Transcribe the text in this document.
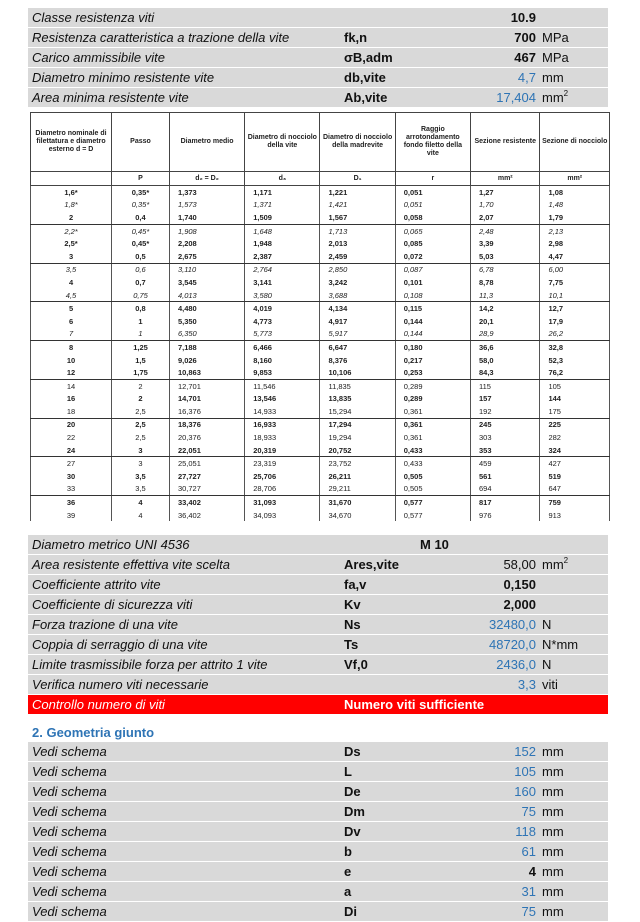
Classe resistenza viti	10.9
Resistenza caratteristica a trazione della vite	fk,n	700 MPa
Carico ammissibile vite	σB,adm	467 MPa
Diametro minimo resistente vite	db,vite	4,7 mm
Area minima resistente vite	Ab,vite	17,404 $mm^2$
Diametro nominale di filettatura e diametro esterno d = D	Passo	Diametro medio	Diametro di nocciolo della vite	Diametro di nocciolo della madrevite	Raggio arrotondamento fondo filetto della vite	Sezione resistente	Sezione di nocciolo
	P	d₂ = D₂	d₃	D₁	r	mm²	mm²
1,6*	0,35*	1,373	1,171	1,221	0,051	1,27	1,08
1,8*	0,35*	1,573	1,371	1,421	0,051	1,70	1,48
2	0,4	1,740	1,509	1,567	0,058	2,07	1,79
2,2*	0,45*	1,908	1,648	1,713	0,065	2,48	2,13
2,5*	0,45*	2,208	1,948	2,013	0,085	3,39	2,98
3	0,5	2,675	2,387	2,459	0,072	5,03	4,47
3,5	0,6	3,110	2,764	2,850	0,087	6,78	6,00
4	0,7	3,545	3,141	3,242	0,101	8,78	7,75
4,5	0,75	4,013	3,580	3,688	0,108	11,3	10,1
5	0,8	4,480	4,019	4,134	0,115	14,2	12,7
6	1	5,350	4,773	4,917	0,144	20,1	17,9
7	1	6,350	5,773	5,917	0,144	28,9	26,2
8	1,25	7,188	6,466	6,647	0,180	36,6	32,8
10	1,5	9,026	8,160	8,376	0,217	58,0	52,3
12	1,75	10,863	9,853	10,106	0,253	84,3	76,2
14	2	12,701	11,546	11,835	0,289	115	105
16	2	14,701	13,546	13,835	0,289	157	144
18	2,5	16,376	14,933	15,294	0,361	192	175
20	2,5	18,376	16,933	17,294	0,361	245	225
22	2,5	20,376	18,933	19,294	0,361	303	282
24	3	22,051	20,319	20,752	0,433	353	324
27	3	25,051	23,319	23,752	0,433	459	427
30	3,5	27,727	25,706	26,211	0,505	561	519
33	3,5	30,727	28,706	29,211	0,505	694	647
36	4	33,402	31,093	31,670	0,577	817	759
39	4	36,402	34,093	34,670	0,577	976	913
Diametro metrico UNI 4536	M 10
Area resistente effettiva vite scelta	Ares,vite	58,00 $mm^2$
Coefficiente attrito vite	fa,v	0,150
Coefficiente di sicurezza viti	Kv	2,000
Forza trazione di una vite	Ns	32480,0 N
Coppia di serraggio di una vite	Ts	48720,0 N*mm
Limite trasmissibile forza per attrito 1 vite	Vf,0	2436,0 N
Verifica numero viti necessarie	3,3 viti
Controllo numero di viti	Numero viti sufficiente
2. Geometria giunto
Vedi schema	Ds	152 mm
Vedi schema	L	105 mm
Vedi schema	De	160 mm
Vedi schema	Dm	75 mm
Vedi schema	Dv	118 mm
Vedi schema	b	61 mm
Vedi schema	e	4 mm
Vedi schema	a	31 mm
Vedi schema	Di	75 mm
